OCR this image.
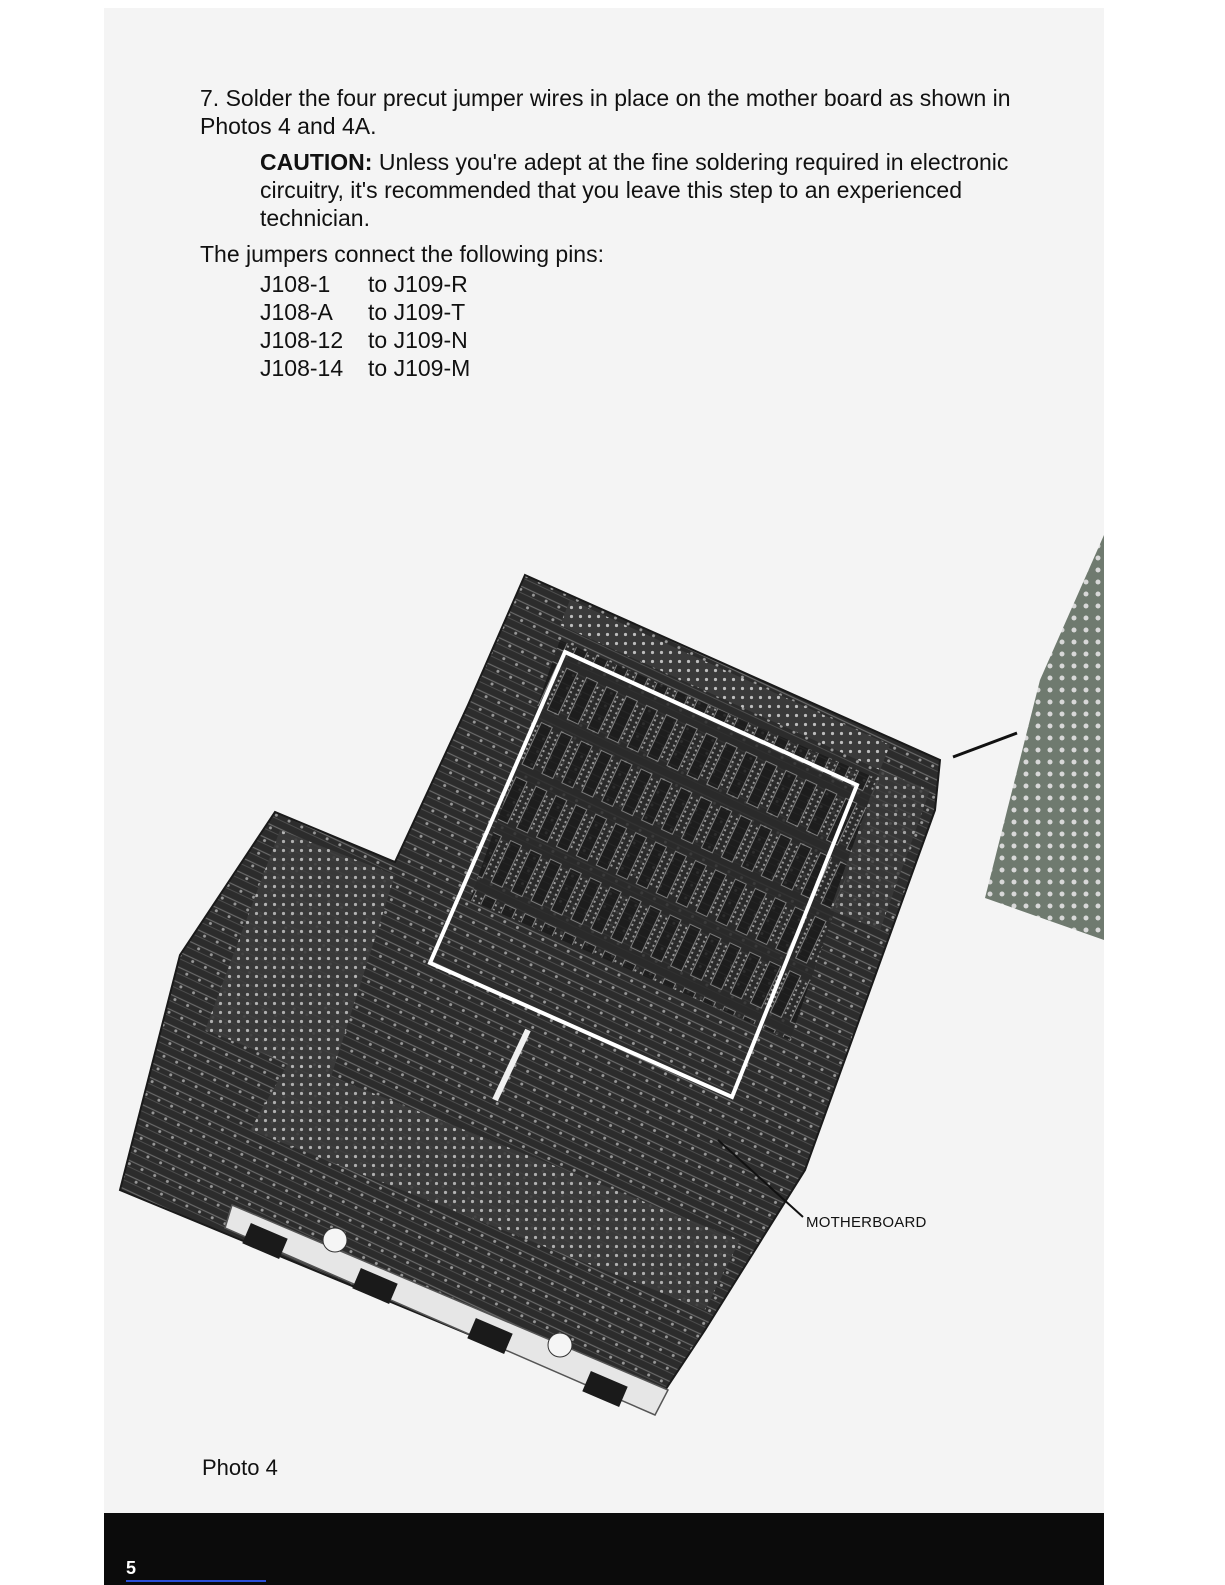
7. Solder the four precut jumper wires in place on the mother board as shown in Photos 4 and 4A.

CAUTION: Unless you're adept at the fine soldering required in electronic circuitry, it's recommended that you leave this step to an experienced technician.

The jumpers connect the following pins:

J108-1	to J109-R
J108-A	to J109-T
J108-12	to J109-N
J108-14	to J109-M
MOTHERBOARD
Photo 4
5
